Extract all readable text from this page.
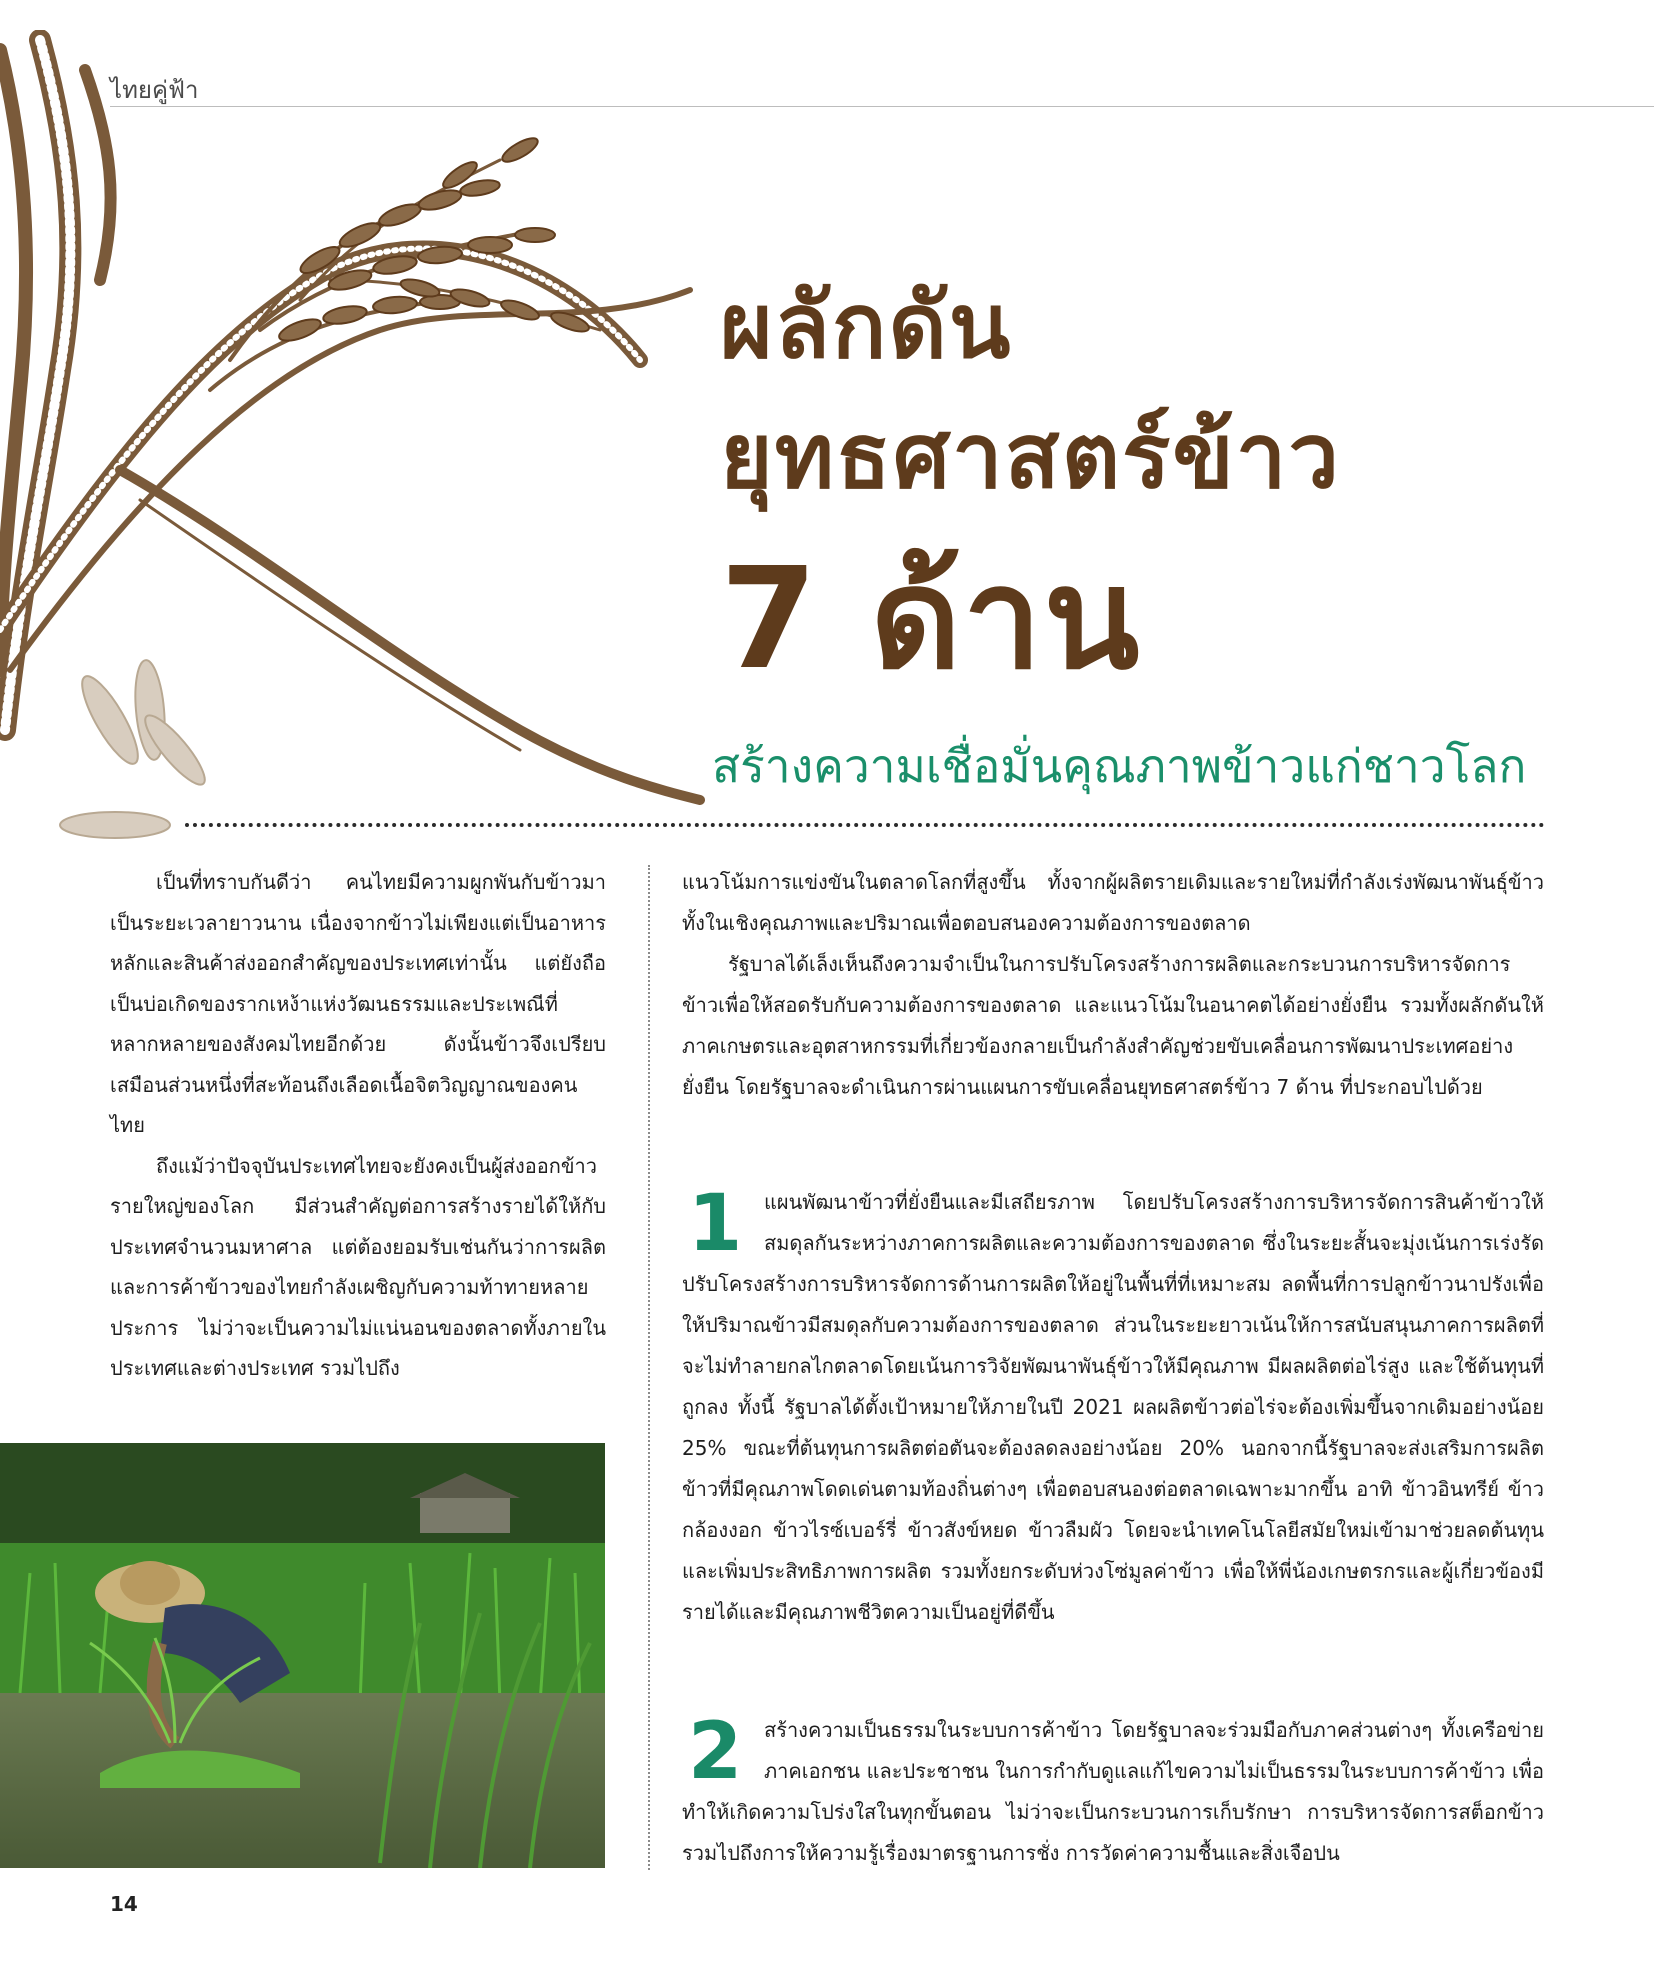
ไทยคู่ฟ้า
ผลักดัน
ยุทธศาสตร์ข้าว
7 ด้าน
สร้างความเชื่อมั่นคุณภาพข้าวแก่ชาวโลก

เป็นที่ทราบกันดีว่า คนไทยมีความผูกพันกับข้าวมาเป็นระยะเวลายาวนาน เนื่องจากข้าวไม่เพียงแต่เป็นอาหารหลักและสินค้าส่งออกสำคัญของประเทศเท่านั้น แต่ยังถือเป็นบ่อเกิดของรากเหง้าแห่งวัฒนธรรมและประเพณีที่หลากหลายของสังคมไทยอีกด้วย ดังนั้นข้าวจึงเปรียบเสมือนส่วนหนึ่งที่สะท้อนถึงเลือดเนื้อจิตวิญญาณของคนไทย

ถึงแม้ว่าปัจจุบันประเทศไทยจะยังคงเป็นผู้ส่งออกข้าวรายใหญ่ของโลก มีส่วนสำคัญต่อการสร้างรายได้ให้กับประเทศจำนวนมหาศาล แต่ต้องยอมรับเช่นกันว่าการผลิตและการค้าข้าวของไทยกำลังเผชิญกับความท้าทายหลายประการ ไม่ว่าจะเป็นความไม่แน่นอนของตลาดทั้งภายในประเทศและต่างประเทศ รวมไปถึง

แนวโน้มการแข่งขันในตลาดโลกที่สูงขึ้น ทั้งจากผู้ผลิตรายเดิมและรายใหม่ที่กำลังเร่งพัฒนาพันธุ์ข้าวทั้งในเชิงคุณภาพและปริมาณเพื่อตอบสนองความต้องการของตลาด

รัฐบาลได้เล็งเห็นถึงความจำเป็นในการปรับโครงสร้างการผลิตและกระบวนการบริหารจัดการข้าวเพื่อให้สอดรับกับความต้องการของตลาด และแนวโน้มในอนาคตได้อย่างยั่งยืน รวมทั้งผลักดันให้ภาคเกษตรและอุตสาหกรรมที่เกี่ยวข้องกลายเป็นกำลังสำคัญช่วยขับเคลื่อนการพัฒนาประเทศอย่างยั่งยืน โดยรัฐบาลจะดำเนินการผ่านแผนการขับเคลื่อนยุทธศาสตร์ข้าว 7 ด้าน ที่ประกอบไปด้วย

1 แผนพัฒนาข้าวที่ยั่งยืนและมีเสถียรภาพ โดยปรับโครงสร้างการบริหารจัดการสินค้าข้าวให้สมดุลกันระหว่างภาคการผลิตและความต้องการของตลาด ซึ่งในระยะสั้นจะมุ่งเน้นการเร่งรัดปรับโครงสร้างการบริหารจัดการด้านการผลิตให้อยู่ในพื้นที่ที่เหมาะสม ลดพื้นที่การปลูกข้าวนาปรังเพื่อให้ปริมาณข้าวมีสมดุลกับความต้องการของตลาด ส่วนในระยะยาวเน้นให้การสนับสนุนภาคการผลิตที่จะไม่ทำลายกลไกตลาดโดยเน้นการวิจัยพัฒนาพันธุ์ข้าวให้มีคุณภาพ มีผลผลิตต่อไร่สูง และใช้ต้นทุนที่ถูกลง ทั้งนี้ รัฐบาลได้ตั้งเป้าหมายให้ภายในปี 2021 ผลผลิตข้าวต่อไร่จะต้องเพิ่มขึ้นจากเดิมอย่างน้อย 25% ขณะที่ต้นทุนการผลิตต่อตันจะต้องลดลงอย่างน้อย 20% นอกจากนี้รัฐบาลจะส่งเสริมการผลิตข้าวที่มีคุณภาพโดดเด่นตามท้องถิ่นต่างๆ เพื่อตอบสนองต่อตลาดเฉพาะมากขึ้น อาทิ ข้าวอินทรีย์ ข้าวกล้องงอก ข้าวไรซ์เบอร์รี่ ข้าวสังข์หยด ข้าวลืมผัว โดยจะนำเทคโนโลยีสมัยใหม่เข้ามาช่วยลดต้นทุนและเพิ่มประสิทธิภาพการผลิต รวมทั้งยกระดับห่วงโซ่มูลค่าข้าว เพื่อให้พี่น้องเกษตรกรและผู้เกี่ยวข้องมีรายได้และมีคุณภาพชีวิตความเป็นอยู่ที่ดีขึ้น
2 สร้างความเป็นธรรมในระบบการค้าข้าว โดยรัฐบาลจะร่วมมือกับภาคส่วนต่างๆ ทั้งเครือข่ายภาคเอกชน และประชาชน ในการกำกับดูแลแก้ไขความไม่เป็นธรรมในระบบการค้าข้าว เพื่อทำให้เกิดความโปร่งใสในทุกขั้นตอน ไม่ว่าจะเป็นกระบวนการเก็บรักษา การบริหารจัดการสต็อกข้าว รวมไปถึงการให้ความรู้เรื่องมาตรฐานการชั่ง การวัดค่าความชื้นและสิ่งเจือปน
14
